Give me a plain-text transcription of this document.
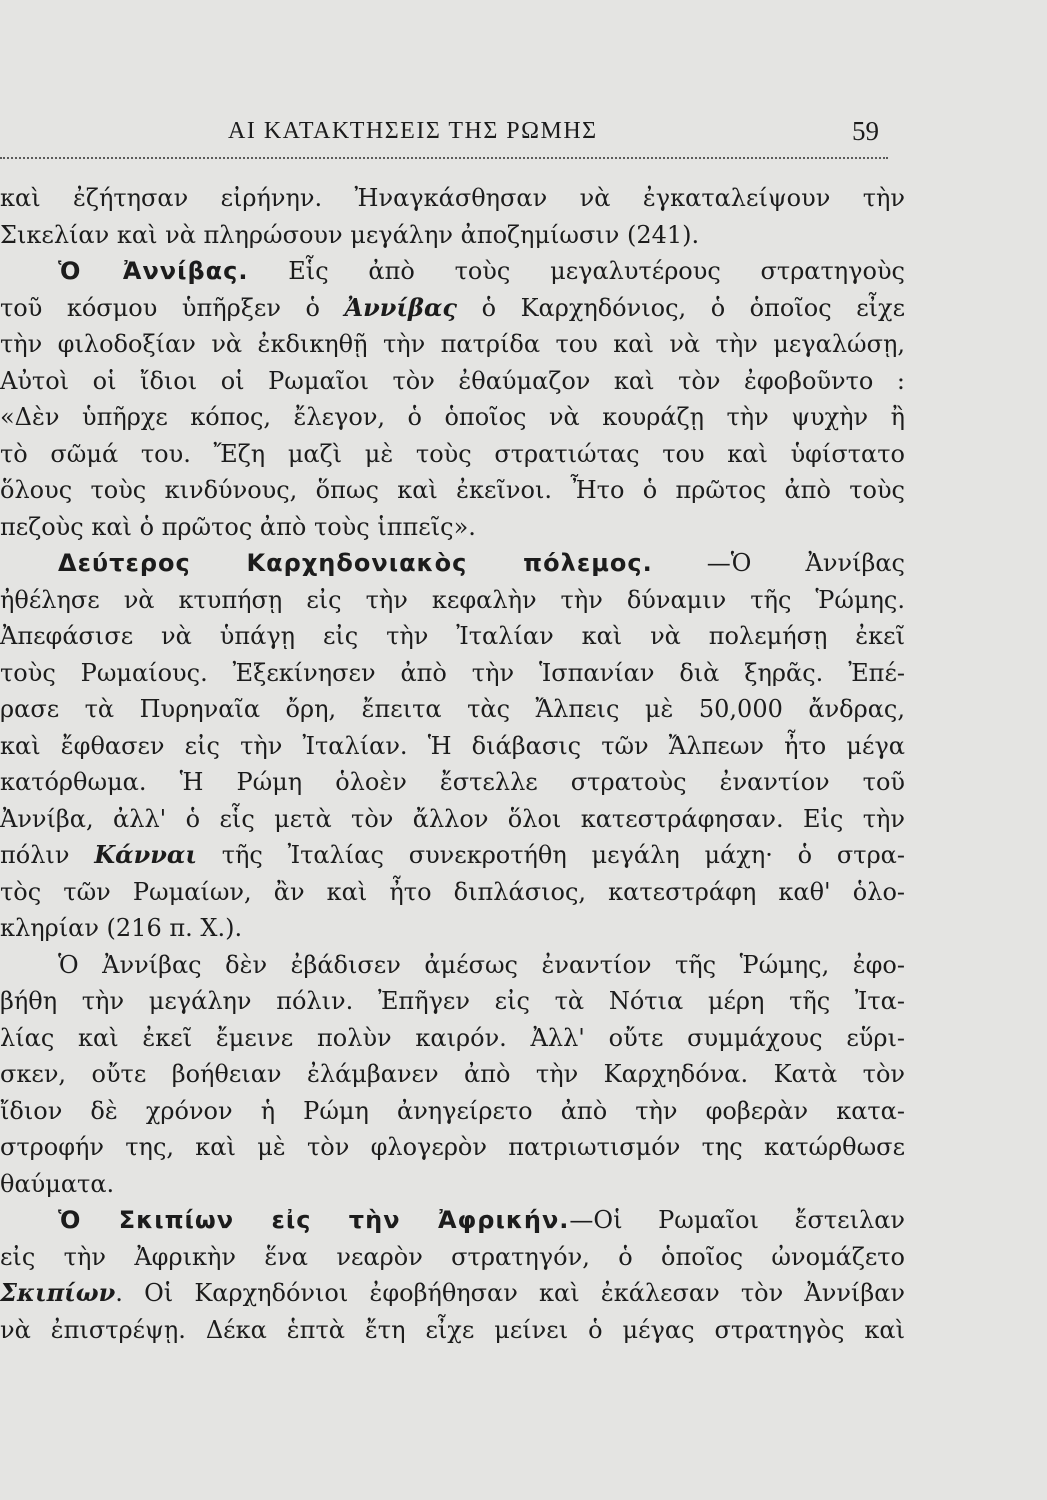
ΑΙ ΚΑΤΑΚΤΗΣΕΙΣ ΤΗΣ ΡΩΜΗΣ	59
καὶ ἐζήτησαν εἰρήνην. Ἠναγκάσθησαν νὰ ἐγκαταλείψουν τὴν
Σικελίαν καὶ νὰ πληρώσουν μεγάλην ἀποζημίωσιν (241).
Ὁ Ἀννίβας. Εἷς ἀπὸ τοὺς μεγαλυτέρους στρατηγοὺς
τοῦ κόσμου ὑπῆρξεν ὁ Ἀννίβας ὁ Καρχηδόνιος, ὁ ὁποῖος εἶχε
τὴν φιλοδοξίαν νὰ ἐκδικηθῇ τὴν πατρίδα του καὶ νὰ τὴν μεγαλώσῃ,
Αὐτοὶ οἱ ἴδιοι οἱ Ρωμαῖοι τὸν ἐθαύμαζον καὶ τὸν ἐφοβοῦντο :
«Δὲν ὑπῆρχε κόπος, ἔλεγον, ὁ ὁποῖος νὰ κουράζῃ τὴν ψυχὴν ἢ
τὸ σῶμά του. Ἔζη μαζὶ μὲ τοὺς στρατιώτας του καὶ ὑφίστατο
ὅλους τοὺς κινδύνους, ὅπως καὶ ἐκεῖνοι. Ἦτο ὁ πρῶτος ἀπὸ τοὺς
πεζοὺς καὶ ὁ πρῶτος ἀπὸ τοὺς ἱππεῖς».
Δεύτερος Καρχηδονιακὸς πόλεμος. —Ὁ Ἀννίβας
ἠθέλησε νὰ κτυπήσῃ εἰς τὴν κεφαλὴν τὴν δύναμιν τῆς Ῥώμης.
Ἀπεφάσισε νὰ ὑπάγῃ εἰς τὴν Ἰταλίαν καὶ νὰ πολεμήσῃ ἐκεῖ
τοὺς Ρωμαίους. Ἐξεκίνησεν ἀπὸ τὴν Ἱσπανίαν διὰ ξηρᾶς. Ἐπέ-
ρασε τὰ Πυρηναῖα ὄρη, ἔπειτα τὰς Ἄλπεις μὲ 50,000 ἄνδρας,
καὶ ἔφθασεν εἰς τὴν Ἰταλίαν. Ἡ διάβασις τῶν Ἄλπεων ἦτο μέγα
κατόρθωμα. Ἡ Ρώμη ὁλοὲν ἔστελλε στρατοὺς ἐναντίον τοῦ
Ἀννίβα, ἀλλ' ὁ εἷς μετὰ τὸν ἄλλον ὅλοι κατεστράφησαν. Εἰς τὴν
πόλιν Κάνναι τῆς Ἰταλίας συνεκροτήθη μεγάλη μάχη· ὁ στρα-
τὸς τῶν Ρωμαίων, ἂν καὶ ἦτο διπλάσιος, κατεστράφη καθ' ὁλο-
κληρίαν (216 π. Χ.).
Ὁ Ἀννίβας δὲν ἐβάδισεν ἀμέσως ἐναντίον τῆς Ῥώμης, ἐφο-
βήθη τὴν μεγάλην πόλιν. Ἐπῆγεν εἰς τὰ Νότια μέρη τῆς Ἰτα-
λίας καὶ ἐκεῖ ἔμεινε πολὺν καιρόν. Ἀλλ' οὔτε συμμάχους εὕρι-
σκεν, οὔτε βοήθειαν ἐλάμβανεν ἀπὸ τὴν Καρχηδόνα. Κατὰ τὸν
ἴδιον δὲ χρόνον ἡ Ρώμη ἀνηγείρετο ἀπὸ τὴν φοβερὰν κατα-
στροφήν της, καὶ μὲ τὸν φλογερὸν πατριωτισμόν της κατώρθωσε
θαύματα.
Ὁ Σκιπίων εἰς τὴν Ἀφρικήν.—Οἱ Ρωμαῖοι ἔστειλαν
εἰς τὴν Ἀφρικὴν ἕνα νεαρὸν στρατηγόν, ὁ ὁποῖος ὠνομάζετο
Σκιπίων. Οἱ Καρχηδόνιοι ἐφοβήθησαν καὶ ἐκάλεσαν τὸν Ἀννίβαν
νὰ ἐπιστρέψῃ. Δέκα ἑπτὰ ἔτη εἶχε μείνει ὁ μέγας στρατηγὸς καὶ
